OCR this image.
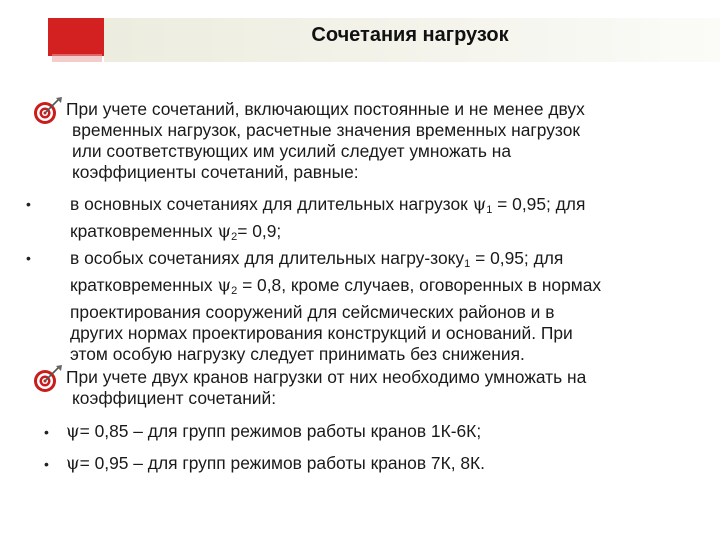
Сочетания нагрузок
При учете сочетаний, включающих постоянные и не менее двух
временных нагрузок, расчетные значения временных нагрузок
или соответствующих им усилий следует умножать на
коэффициенты сочетаний, равные:
• в основных сочетаниях для длительных нагрузок $\psi_1 = 0,95$; для
кратковременных $\psi_2= 0,9$;
• в особых сочетаниях для длительных нагру-зоку$_1$ = 0,95; для
кратковременных $\psi_2 = 0,8$, кроме случаев, оговоренных в нормах
проектирования сооружений для сейсмических районов и в
других нормах проектирования конструкций и оснований. При
этом особую нагрузку следует принимать без снижения.
При учете двух кранов нагрузки от них необходимо умножать на
коэффициент сочетаний:
• ψ= 0,85 – для групп режимов работы кранов 1К-6К;
• ψ= 0,95 – для групп режимов работы кранов 7К, 8К.
